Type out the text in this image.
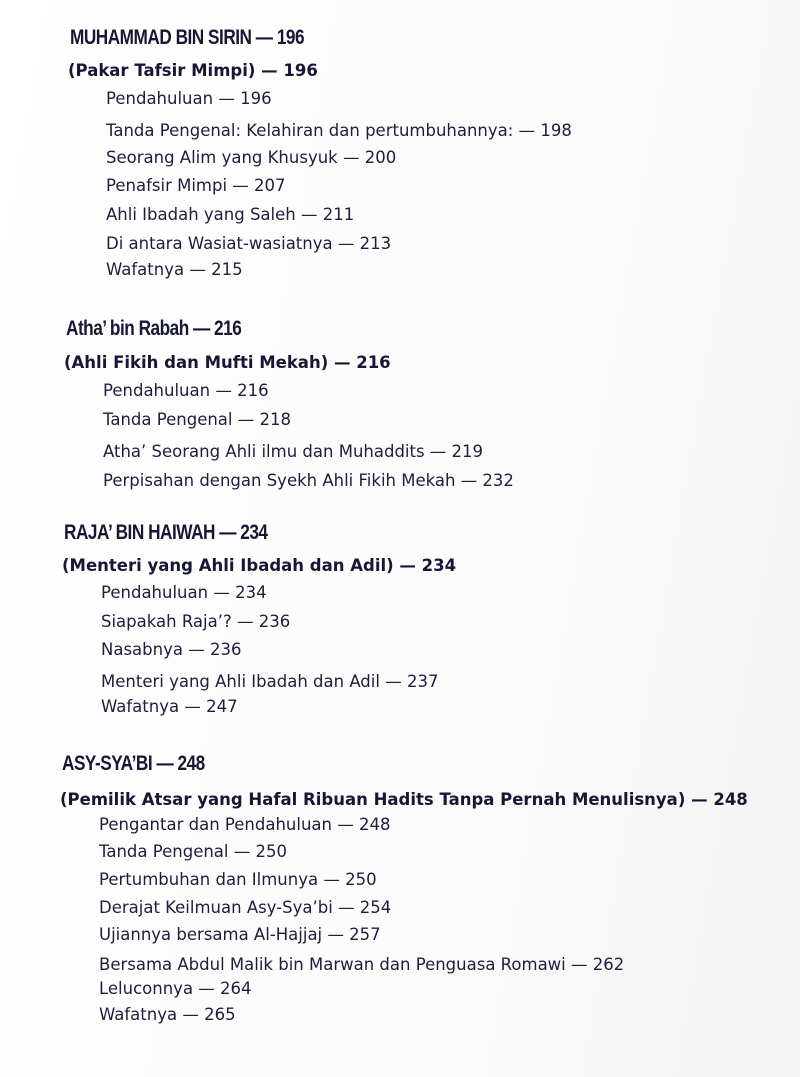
MUHAMMAD BIN SIRIN — 196
(Pakar Tafsir Mimpi) — 196
Pendahuluan — 196
Tanda Pengenal: Kelahiran dan pertumbuhannya: — 198
Seorang Alim yang Khusyuk — 200
Penafsir Mimpi — 207
Ahli Ibadah yang Saleh — 211
Di antara Wasiat-wasiatnya — 213
Wafatnya — 215
Atha’ bin Rabah — 216
(Ahli Fikih dan Mufti Mekah) — 216
Pendahuluan — 216
Tanda Pengenal — 218
Atha’ Seorang Ahli ilmu dan Muhaddits — 219
Perpisahan dengan Syekh Ahli Fikih Mekah — 232
RAJA’ BIN HAIWAH — 234
(Menteri yang Ahli Ibadah dan Adil) — 234
Pendahuluan — 234
Siapakah Raja’? — 236
Nasabnya — 236
Menteri yang Ahli Ibadah dan Adil — 237
Wafatnya — 247
ASY-SYA’BI — 248
(Pemilik Atsar yang Hafal Ribuan Hadits Tanpa Pernah Menulisnya) — 248
Pengantar dan Pendahuluan — 248
Tanda Pengenal — 250
Pertumbuhan dan Ilmunya — 250
Derajat Keilmuan Asy-Sya’bi — 254
Ujiannya bersama Al-Hajjaj — 257
Bersama Abdul Malik bin Marwan dan Penguasa Romawi — 262
Leluconnya — 264
Wafatnya — 265
